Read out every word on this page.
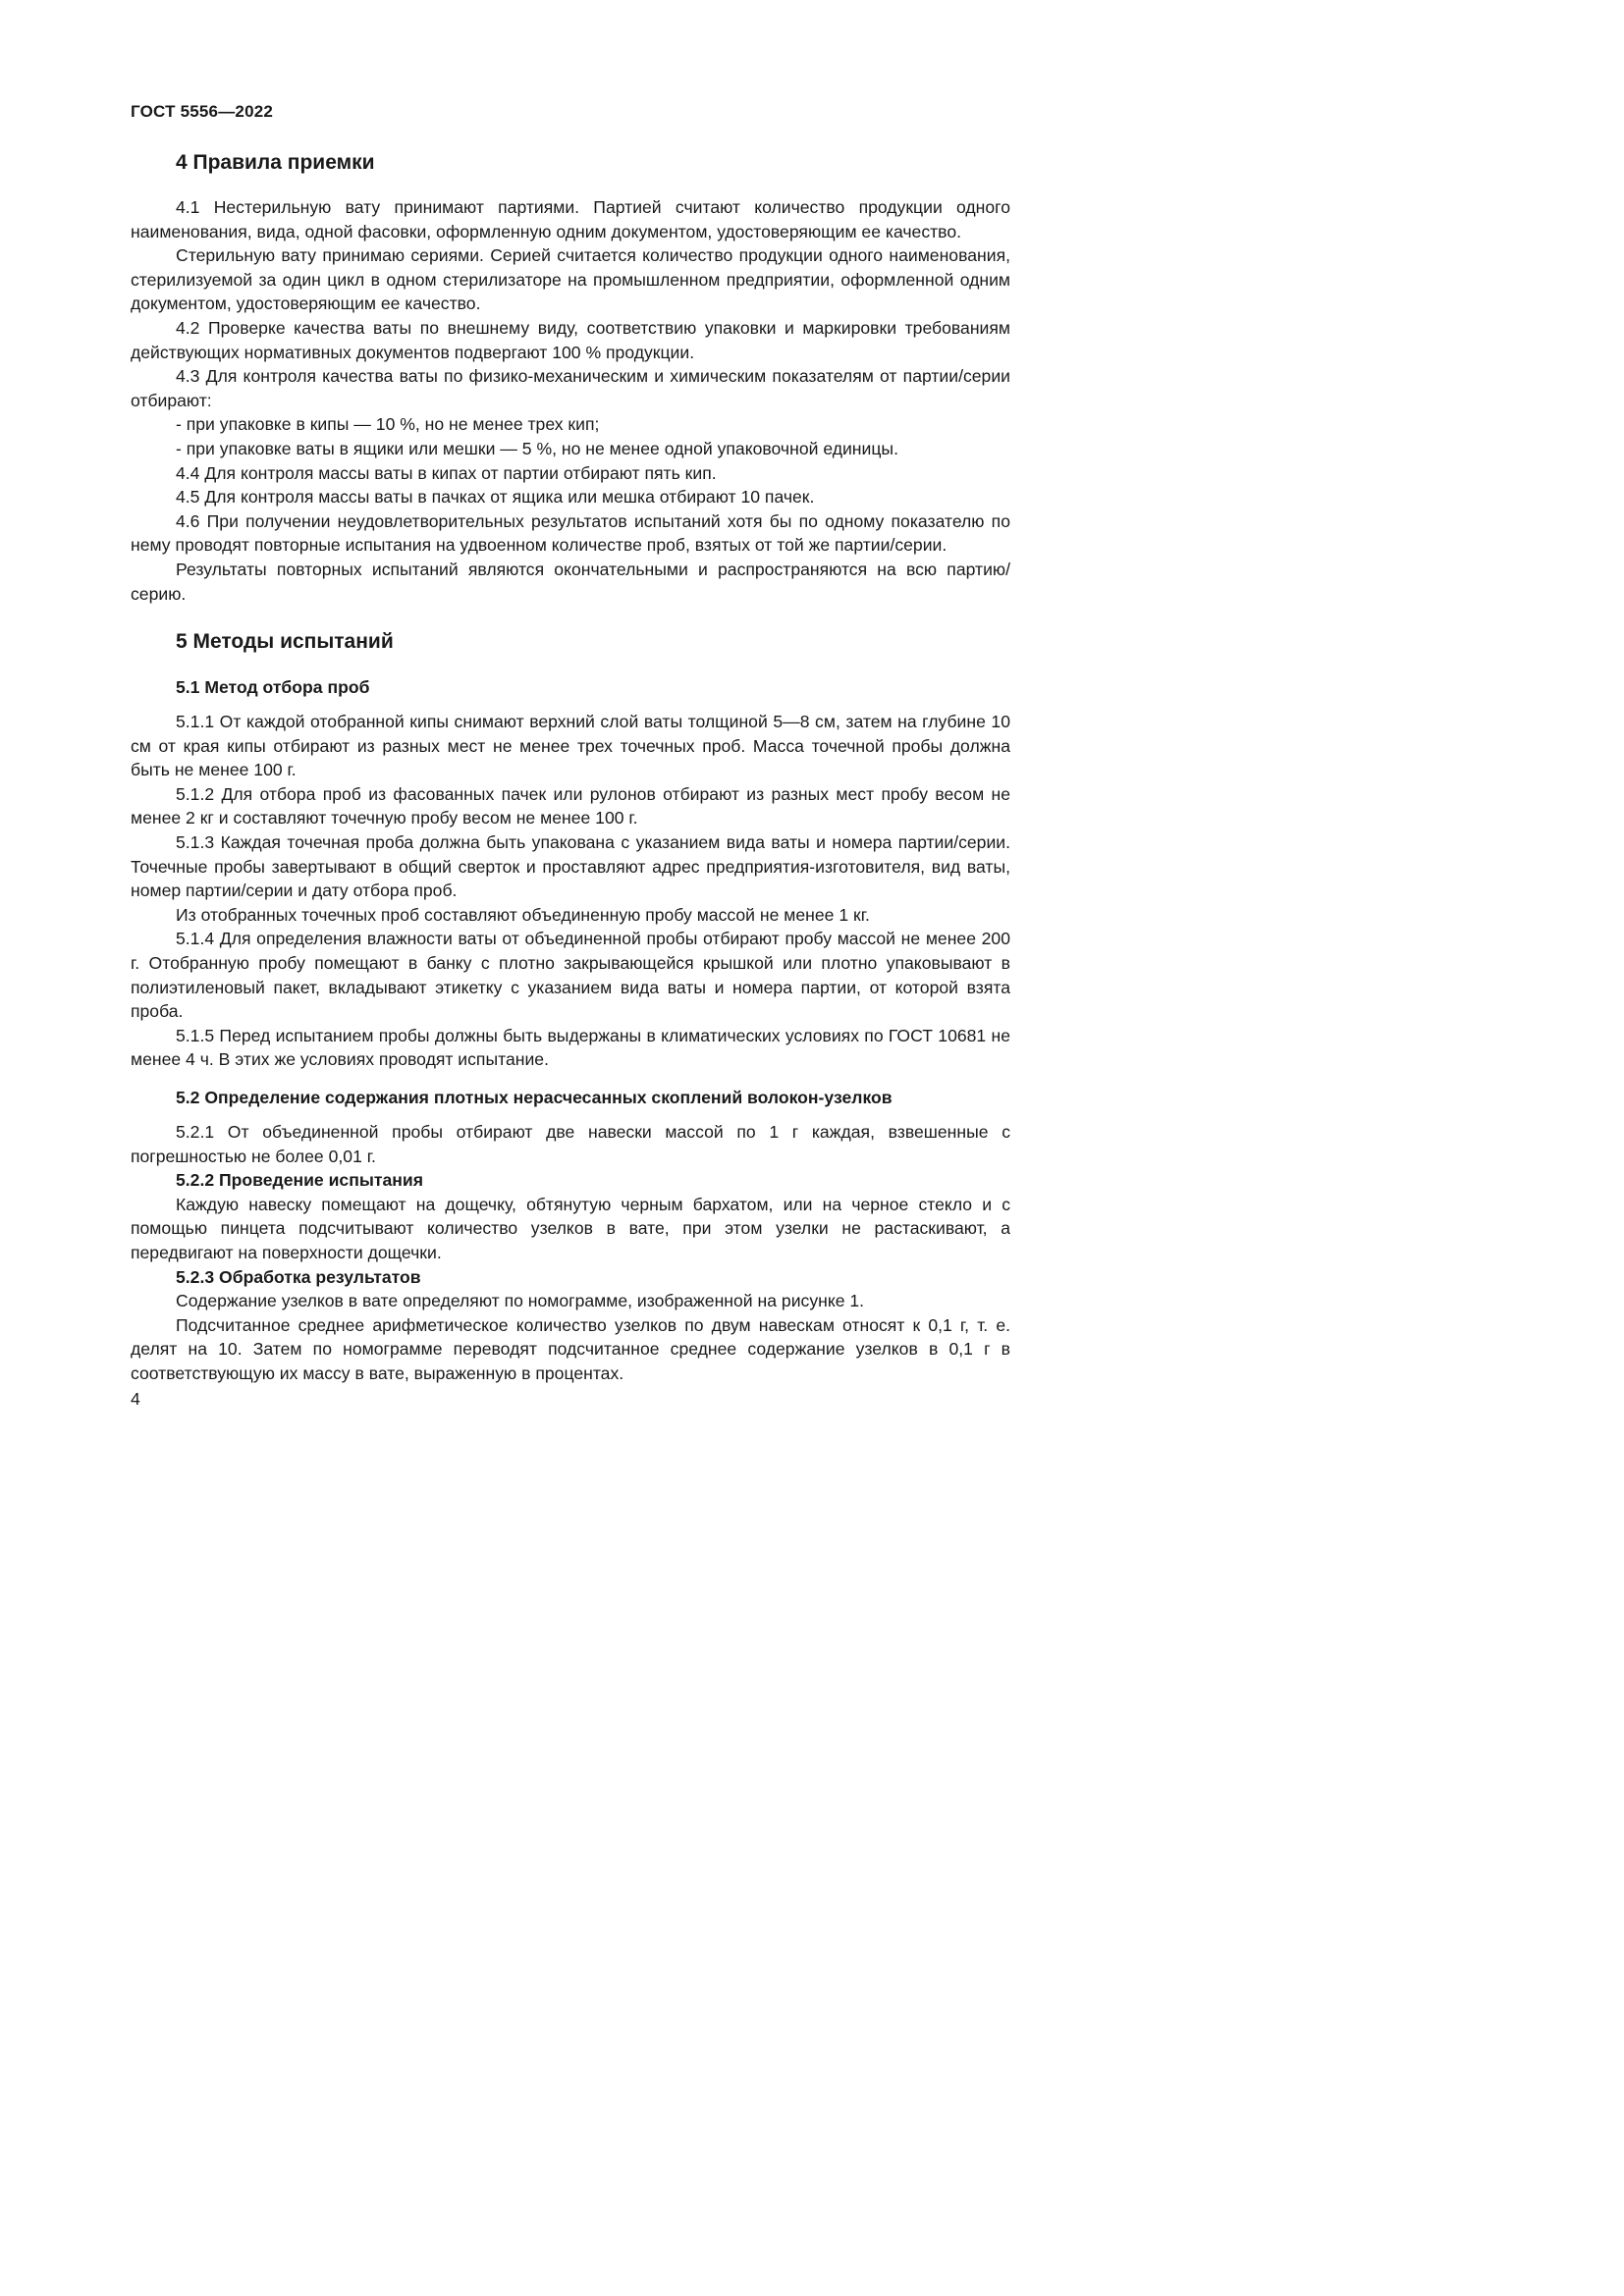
ГОСТ 5556—2022
4 Правила приемки

4.1 Нестерильную вату принимают партиями. Партией считают количество продукции одного наименования, вида, одной фасовки, оформленную одним документом, удостоверяющим ее качество.

Стерильную вату принимаю сериями. Серией считается количество продукции одного наименования, стерилизуемой за один цикл в одном стерилизаторе на промышленном предприятии, оформленной одним документом, удостоверяющим ее качество.

4.2 Проверке качества ваты по внешнему виду, соответствию упаковки и маркировки требованиям действующих нормативных документов подвергают 100 % продукции.

4.3 Для контроля качества ваты по физико-механическим и химическим показателям от партии/серии отбирают:

- при упаковке в кипы — 10 %, но не менее трех кип;

- при упаковке ваты в ящики или мешки — 5 %, но не менее одной упаковочной единицы.

4.4 Для контроля массы ваты в кипах от партии отбирают пять кип.

4.5 Для контроля массы ваты в пачках от ящика или мешка отбирают 10 пачек.

4.6 При получении неудовлетворительных результатов испытаний хотя бы по одному показателю по нему проводят повторные испытания на удвоенном количестве проб, взятых от той же партии/серии.

Результаты повторных испытаний являются окончательными и распространяются на всю партию/серию.

5 Методы испытаний
5.1 Метод отбора проб

5.1.1 От каждой отобранной кипы снимают верхний слой ваты толщиной 5—8 см, затем на глубине 10 см от края кипы отбирают из разных мест не менее трех точечных проб. Масса точечной пробы должна быть не менее 100 г.

5.1.2 Для отбора проб из фасованных пачек или рулонов отбирают из разных мест пробу весом не менее 2 кг и составляют точечную пробу весом не менее 100 г.

5.1.3 Каждая точечная проба должна быть упакована с указанием вида ваты и номера партии/серии. Точечные пробы завертывают в общий сверток и проставляют адрес предприятия-изготовителя, вид ваты, номер партии/серии и дату отбора проб.

Из отобранных точечных проб составляют объединенную пробу массой не менее 1 кг.

5.1.4 Для определения влажности ваты от объединенной пробы отбирают пробу массой не менее 200 г. Отобранную пробу помещают в банку с плотно закрывающейся крышкой или плотно упаковывают в полиэтиленовый пакет, вкладывают этикетку с указанием вида ваты и номера партии, от которой взята проба.

5.1.5 Перед испытанием пробы должны быть выдержаны в климатических условиях по ГОСТ 10681 не менее 4 ч. В этих же условиях проводят испытание.

5.2 Определение содержания плотных нерасчесанных скоплений волокон-узелков

5.2.1 От объединенной пробы отбирают две навески массой по 1 г каждая, взвешенные с погрешностью не более 0,01 г.

5.2.2 Проведение испытания

Каждую навеску помещают на дощечку, обтянутую черным бархатом, или на черное стекло и с помощью пинцета подсчитывают количество узелков в вате, при этом узелки не растаскивают, а передвигают на поверхности дощечки.

5.2.3 Обработка результатов

Содержание узелков в вате определяют по номограмме, изображенной на рисунке 1.

Подсчитанное среднее арифметическое количество узелков по двум навескам относят к 0,1 г, т. е. делят на 10. Затем по номограмме переводят подсчитанное среднее содержание узелков в 0,1 г в соответствующую их массу в вате, выраженную в процентах.

4
